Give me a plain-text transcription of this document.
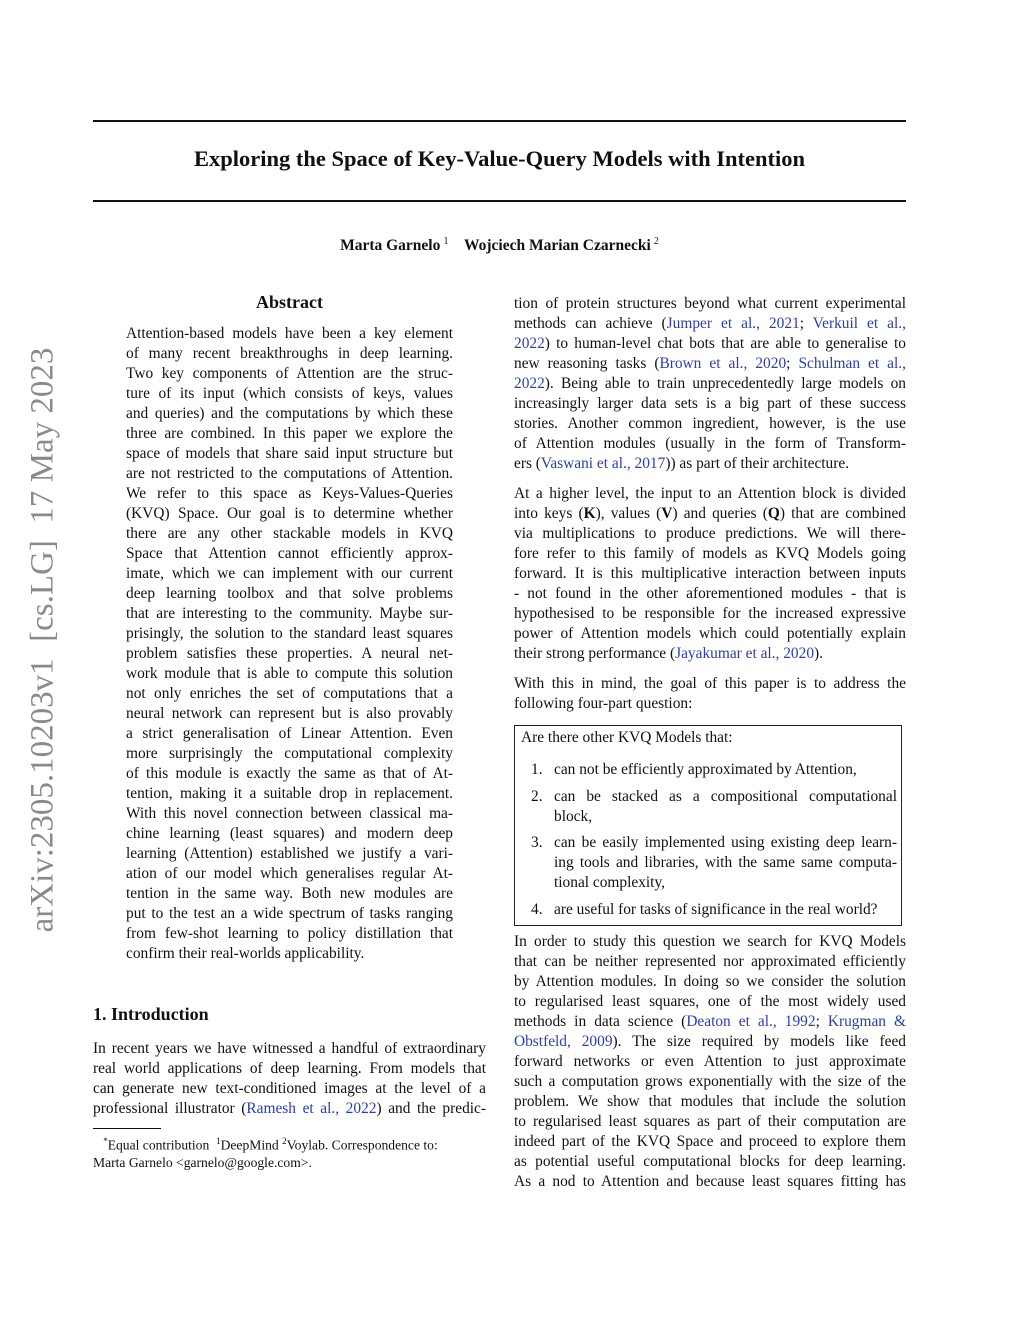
Exploring the Space of Key-Value-Query Models with Intention
Marta Garnelo  $^1$ Wojciech Marian Czarnecki  $^2$
arXiv:2305.10203v1  [cs.LG]  17 May 2023
Abstract
Attention-based models have been a key element
of many recent breakthroughs in deep learning.
Two key components of Attention are the struc-
ture of its input (which consists of keys, values
and queries) and the computations by which these
three are combined. In this paper we explore the
space of models that share said input structure but
are not restricted to the computations of Attention.
We refer to this space as Keys-Values-Queries
(KVQ) Space. Our goal is to determine whether
there are any other stackable models in KVQ
Space that Attention cannot efficiently approx-
imate, which we can implement with our current
deep learning toolbox and that solve problems
that are interesting to the community. Maybe sur-
prisingly, the solution to the standard least squares
problem satisfies these properties. A neural net-
work module that is able to compute this solution
not only enriches the set of computations that a
neural network can represent but is also provably
a strict generalisation of Linear Attention. Even
more surprisingly the computational complexity
of this module is exactly the same as that of At-
tention, making it a suitable drop in replacement.
With this novel connection between classical ma-
chine learning (least squares) and modern deep
learning (Attention) established we justify a vari-
ation of our model which generalises regular At-
tention in the same way. Both new modules are
put to the test an a wide spectrum of tasks ranging
from few-shot learning to policy distillation that
confirm their real-worlds applicability.
1. Introduction
In recent years we have witnessed a handful of extraordinary
real world applications of deep learning. From models that
can generate new text-conditioned images at the level of a
professional illustrator (Ramesh et al., 2022) and the predic-
*Equal contribution $^1$DeepMind $^2$Voylab. Correspondence to:
Marta Garnelo <garnelo@google.com>.
tion of protein structures beyond what current experimental
methods can achieve (Jumper et al., 2021; Verkuil et al.,
2022) to human-level chat bots that are able to generalise to
new reasoning tasks (Brown et al., 2020; Schulman et al.,
2022). Being able to train unprecedentedly large models on
increasingly larger data sets is a big part of these success
stories. Another common ingredient, however, is the use
of Attention modules (usually in the form of Transform-
ers (Vaswani et al., 2017)) as part of their architecture.
At a higher level, the input to an Attention block is divided
into keys (K), values (V) and queries (Q) that are combined
via multiplications to produce predictions. We will there-
fore refer to this family of models as KVQ Models going
forward. It is this multiplicative interaction between inputs
- not found in the other aforementioned modules - that is
hypothesised to be responsible for the increased expressive
power of Attention models which could potentially explain
their strong performance (Jayakumar et al., 2020).
With this in mind, the goal of this paper is to address the
following four-part question:
Are there other KVQ Models that:
1. can not be efficiently approximated by Attention,
2. can be stacked as a compositional computational
block,
3. can be easily implemented using existing deep learn-
ing tools and libraries, with the same same computa-
tional complexity,
4. are useful for tasks of significance in the real world?
In order to study this question we search for KVQ Models
that can be neither represented nor approximated efficiently
by Attention modules. In doing so we consider the solution
to regularised least squares, one of the most widely used
methods in data science (Deaton et al., 1992; Krugman &
Obstfeld, 2009). The size required by models like feed
forward networks or even Attention to just approximate
such a computation grows exponentially with the size of the
problem. We show that modules that include the solution
to regularised least squares as part of their computation are
indeed part of the KVQ Space and proceed to explore them
as potential useful computational blocks for deep learning.
As a nod to Attention and because least squares fitting has
